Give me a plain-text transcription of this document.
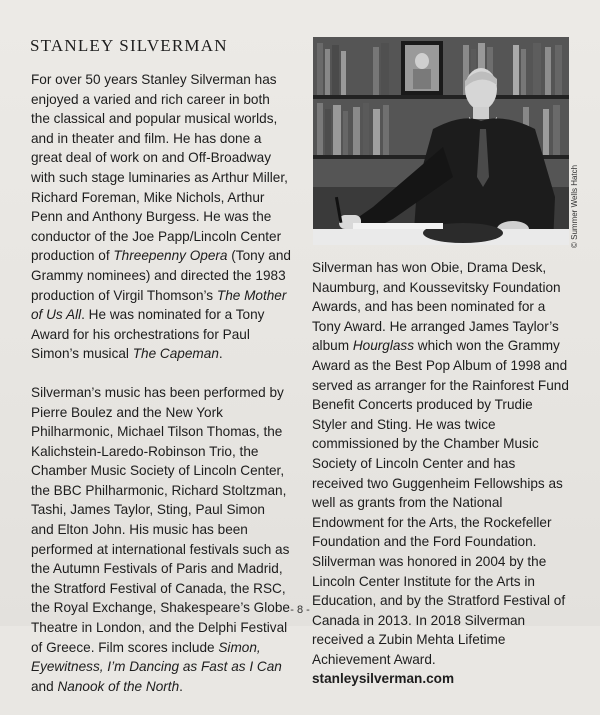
STANLEY SILVERMAN

For over 50 years Stanley Silverman has enjoyed a varied and rich career in both the classical and popular musical worlds, and in theater and film. He has done a great deal of work on and Off-Broadway with such stage luminaries as Arthur Miller, Richard Foreman, Mike Nichols, Arthur Penn and Anthony Burgess. He was the conductor of the Joe Papp/Lincoln Center production of Threepenny Opera (Tony and Grammy nominees) and directed the 1983 production of Virgil Thomson’s The Mother of Us All. He was nominated for a Tony Award for his orchestrations for Paul Simon’s musical The Capeman.

Silverman’s music has been performed by Pierre Boulez and the New York Philharmonic, Michael Tilson Thomas, the Kalichstein-Laredo-Robinson Trio, the Chamber Music Society of Lincoln Center, the BBC Philharmonic, Richard Stoltzman, Tashi, James Taylor, Sting, Paul Simon and Elton John. His music has been performed at international festivals such as the Autumn Festivals of Paris and Madrid, the Stratford Festival of Canada, the RSC, the Royal Exchange, Shakespeare’s Globe Theatre in London, and the Delphi Festival of Greece. Film scores include Simon, Eyewitness, I’m Dancing as Fast as I Can and Nanook of the North.

© Summer Wells Hatch

Silverman has won Obie, Drama Desk, Naumburg, and Koussevitsky Foundation Awards, and has been nominated for a Tony Award. He arranged James Taylor’s album Hourglass which won the Grammy Award as the Best Pop Album of 1998 and served as arranger for the Rainforest Fund Benefit Concerts produced by Trudie Styler and Sting. He was twice commissioned by the Chamber Music Society of Lincoln Center and has received two Guggenheim Fellowships as well as grants from the National Endowment for the Arts, the Rockefeller Foundation and the Ford Foundation. Slilverman was honored in 2004 by the Lincoln Center Institute for the Arts in Education, and by the Stratford Festival of Canada in 2013. In 2018 Silverman received a Zubin Mehta Lifetime Achievement Award. stanleysilverman.com

- 8 -
